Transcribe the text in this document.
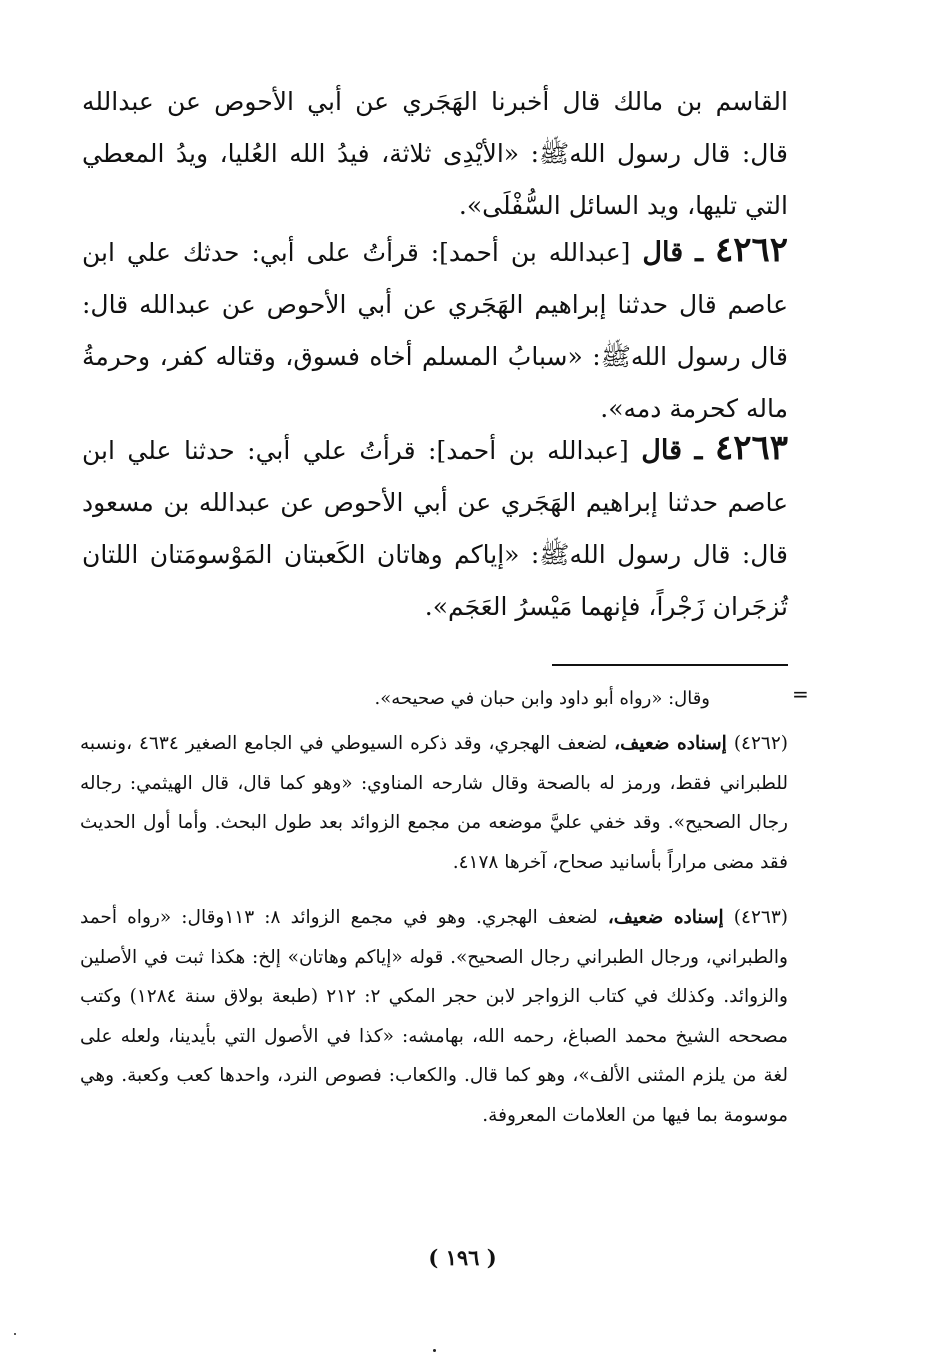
القاسم بن مالك قال أخبرنا الهَجَري عن أبي الأحوص عن عبدالله قال: قال رسول اللهﷺ: «الأيْدِى ثلاثة، فيدُ الله العُليا، ويدُ المعطي التي تليها، ويد السائل السُّفْلَى».

٤٢٦٢ ـ قال [عبدالله بن أحمد]: قرأتُ على أبي: حدثك علي ابن عاصم قال حدثنا إبراهيم الهَجَري عن أبي الأحوص عن عبدالله قال: قال رسول اللهﷺ: «سبابُ المسلم أخاه فسوق، وقتاله كفر، وحرمةُ ماله كحرمة دمه».

٤٢٦٣ ـ قال [عبدالله بن أحمد]: قرأتُ علي أبي: حدثنا علي ابن عاصم حدثنا إبراهيم الهَجَري عن أبي الأحوص عن عبدالله بن مسعود قال: قال رسول اللهﷺ: «إياكم وهاتان الكَعبتان المَوْسومَتان اللتان تُزجَران زَجْراً، فإنهما مَيْسرُ العَجَم».

=

وقال: «رواه أبو داود وابن حبان في صحيحه».

(٤٢٦٢) إسناده ضعيف، لضعف الهجري، وقد ذكره السيوطي في الجامع الصغير ٤٦٣٤ ،ونسبه للطبراني فقط، ورمز له بالصحة وقال شارحه المناوي: «وهو كما قال، قال الهيثمي: رجاله رجال الصحيح». وقد خفي عليَّ موضعه من مجمع الزوائد بعد طول البحث. وأما أول الحديث فقد مضى مراراً بأسانيد صحاح، آخرها ٤١٧٨.

(٤٢٦٣) إسناده ضعيف، لضعف الهجري. وهو في مجمع الزوائد ٨: ١١٣وقال: «رواه أحمد والطبراني، ورجال الطبراني رجال الصحيح». قوله «إياكم وهاتان» إلخ: هكذا ثبت في الأصلين والزوائد. وكذلك في كتاب الزواجر لابن حجر المكي ٢: ٢١٢ (طبعة بولاق سنة ١٢٨٤) وكتب مصححه الشيخ محمد الصباغ، رحمه الله، بهامشه: «كذا في الأصول التي بأيدينا، ولعله على لغة من يلزم المثنى الألف»، وهو كما قال. والكعاب: فصوص النرد، واحدها كعب وكعبة. وهي موسومة بما فيها من العلامات المعروفة.

( ١٩٦ )
